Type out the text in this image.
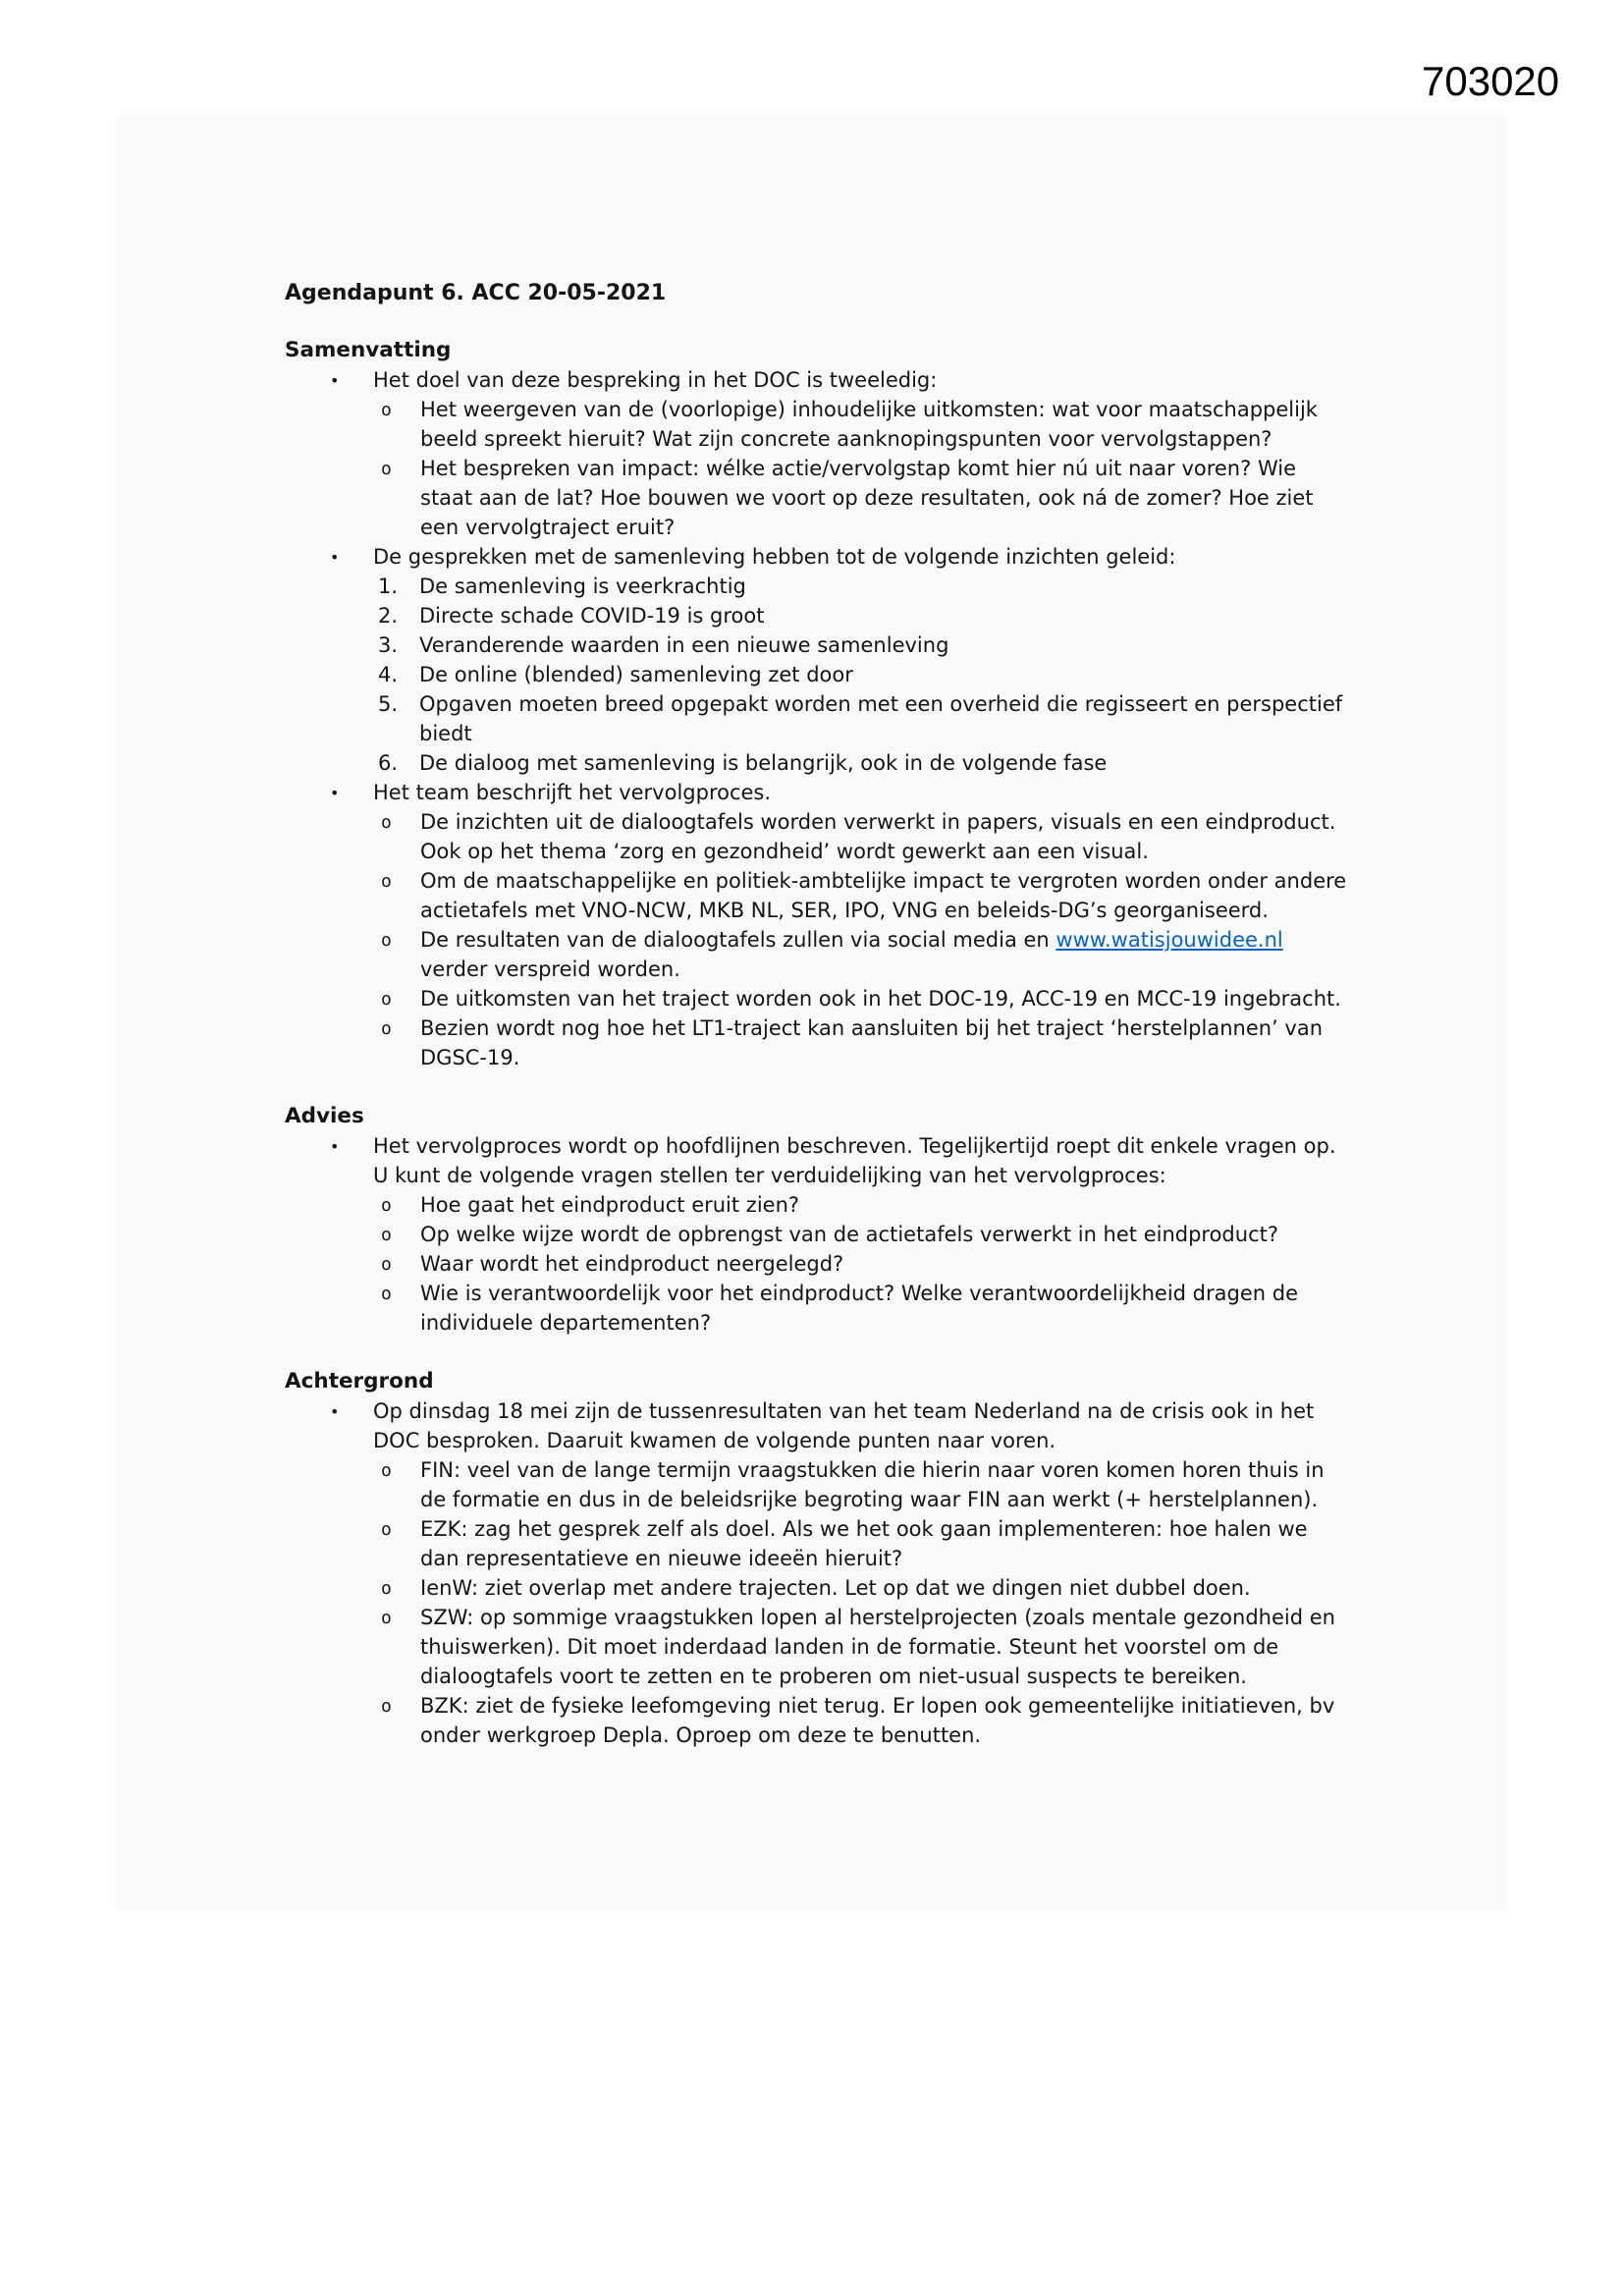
703020
Agendapunt 6. ACC 20-05-2021
Samenvatting
• Het doel van deze bespreking in het DOC is tweeledig:
o Het weergeven van de (voorlopige) inhoudelijke uitkomsten: wat voor maatschappelijk beeld spreekt hieruit? Wat zijn concrete aanknopingspunten voor vervolgstappen?
o Het bespreken van impact: wélke actie/vervolgstap komt hier nú uit naar voren? Wie staat aan de lat? Hoe bouwen we voort op deze resultaten, ook ná de zomer? Hoe ziet een vervolgtraject eruit?
• De gesprekken met de samenleving hebben tot de volgende inzichten geleid:
1. De samenleving is veerkrachtig
2. Directe schade COVID-19 is groot
3. Veranderende waarden in een nieuwe samenleving
4. De online (blended) samenleving zet door
5. Opgaven moeten breed opgepakt worden met een overheid die regisseert en perspectief biedt
6. De dialoog met samenleving is belangrijk, ook in de volgende fase
• Het team beschrijft het vervolgproces.
o De inzichten uit de dialoogtafels worden verwerkt in papers, visuals en een eindproduct. Ook op het thema ‘zorg en gezondheid’ wordt gewerkt aan een visual.
o Om de maatschappelijke en politiek-ambtelijke impact te vergroten worden onder andere actietafels met VNO-NCW, MKB NL, SER, IPO, VNG en beleids-DG’s georganiseerd.
o De resultaten van de dialoogtafels zullen via social media en www.watisjouwidee.nl verder verspreid worden.
o De uitkomsten van het traject worden ook in het DOC-19, ACC-19 en MCC-19 ingebracht.
o Bezien wordt nog hoe het LT1-traject kan aansluiten bij het traject ‘herstelplannen’ van DGSC-19.
Advies
• Het vervolgproces wordt op hoofdlijnen beschreven. Tegelijkertijd roept dit enkele vragen op. U kunt de volgende vragen stellen ter verduidelijking van het vervolgproces:
o Hoe gaat het eindproduct eruit zien?
o Op welke wijze wordt de opbrengst van de actietafels verwerkt in het eindproduct?
o Waar wordt het eindproduct neergelegd?
o Wie is verantwoordelijk voor het eindproduct? Welke verantwoordelijkheid dragen de individuele departementen?
Achtergrond
• Op dinsdag 18 mei zijn de tussenresultaten van het team Nederland na de crisis ook in het DOC besproken. Daaruit kwamen de volgende punten naar voren.
o FIN: veel van de lange termijn vraagstukken die hierin naar voren komen horen thuis in de formatie en dus in de beleidsrijke begroting waar FIN aan werkt (+ herstelplannen).
o EZK: zag het gesprek zelf als doel. Als we het ook gaan implementeren: hoe halen we dan representatieve en nieuwe ideeën hieruit?
o IenW: ziet overlap met andere trajecten. Let op dat we dingen niet dubbel doen.
o SZW: op sommige vraagstukken lopen al herstelprojecten (zoals mentale gezondheid en thuiswerken). Dit moet inderdaad landen in de formatie. Steunt het voorstel om de dialoogtafels voort te zetten en te proberen om niet-usual suspects te bereiken.
o BZK: ziet de fysieke leefomgeving niet terug. Er lopen ook gemeentelijke initiatieven, bv onder werkgroep Depla. Oproep om deze te benutten.
